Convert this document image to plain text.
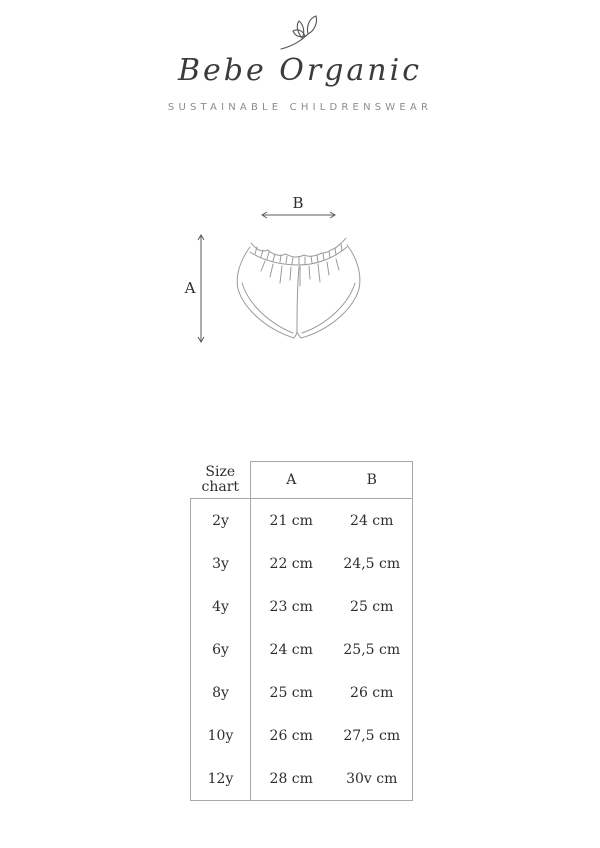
Bebe Organic
SUSTAINABLE CHILDRENSWEAR
B
A
Size
chart	A	B
2y	21 cm	24 cm
3y	22 cm	24,5 cm
4y	23 cm	25 cm
6y	24 cm	25,5 cm
8y	25 cm	26 cm
10y	26 cm	27,5 cm
12y	28 cm	30v cm
